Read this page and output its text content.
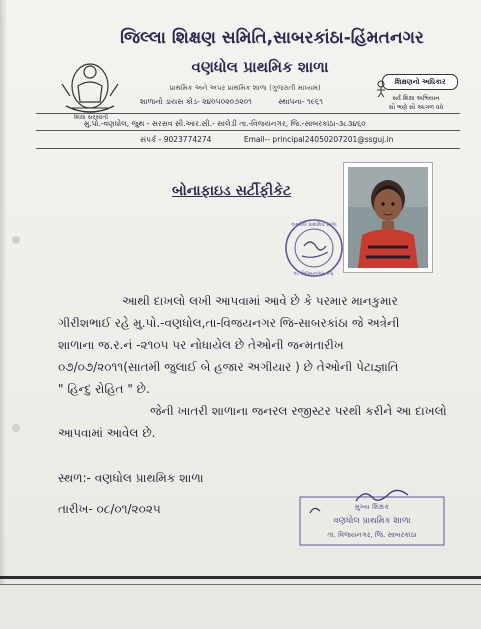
શિક્ષા સરસ્વતી
જિલ્લા શિક્ષણ સમિતિ,સાબરકાંઠા-હિંમતનગર
વણધોલ પ્રાથમિક શાળા
પ્રાથમિક અને અપર પ્રાથમિક શાળા (ગુજરાતી માધ્યમ)
શાળાનો ડાયસ કોડ- ૨૪૦૫૦૨૦૭૨૦૧	સ્થાપના- ૧૯૬૧
મુ.પો.-વણધોલ, જુથ - સરસવ સી.આર.સી.- સાલેડી તા.-વિજયનગર, જિ.-સાબરકાંઠા-૩૮૩૪૬૦
સંપર્ક - 9023774274	Email-- principal24050207201@ssguj.in
શિક્ષણનો અધિકાર
સર્વ શિક્ષા અભિયાન
સૌ ભણે સૌ આગળ વધે
બોનાફાઇડ સર્ટીફીકેટ
તા. વિજયનગર, જિ.
વણધોલ પ્રાથમિક શાળા
આથી દાખલો લખી આપવામાં આવે છે કે પરમાર માનકુમાર
ગીરીશભાઈ રહે મુ.પો.-વણધોલ,તા-વિજયનગર જિ-સાબરકાંઠા જે અત્રેની
શાળાના જ.ર.નં -૨૧૦૫ પર નોધાયેલ છે તેઓની જન્મતારીખ
૦૭/૦૭/૨૦૧૧(સાતમી જુલાઈ બે હજાર અગીયાર ) છે તેઓની પેટાજ્ઞાતિ
" હિન્દુ રોહિત " છે.
જેની ખાતરી શાળાના જનરલ રજીસ્ટર પરથી કરીને આ દાખલો
આપવામાં આવેલ છે.
સ્થળ:- વણધોલ પ્રાથમિક શાળા
તારીખ- ૦૮/૦૧/૨૦૨૫	મુખ્ય શિક્ષક
વણધોલ પ્રાથમિક શાળા
તા. વિજયનગર, જિ. સાબરકાંઠા
